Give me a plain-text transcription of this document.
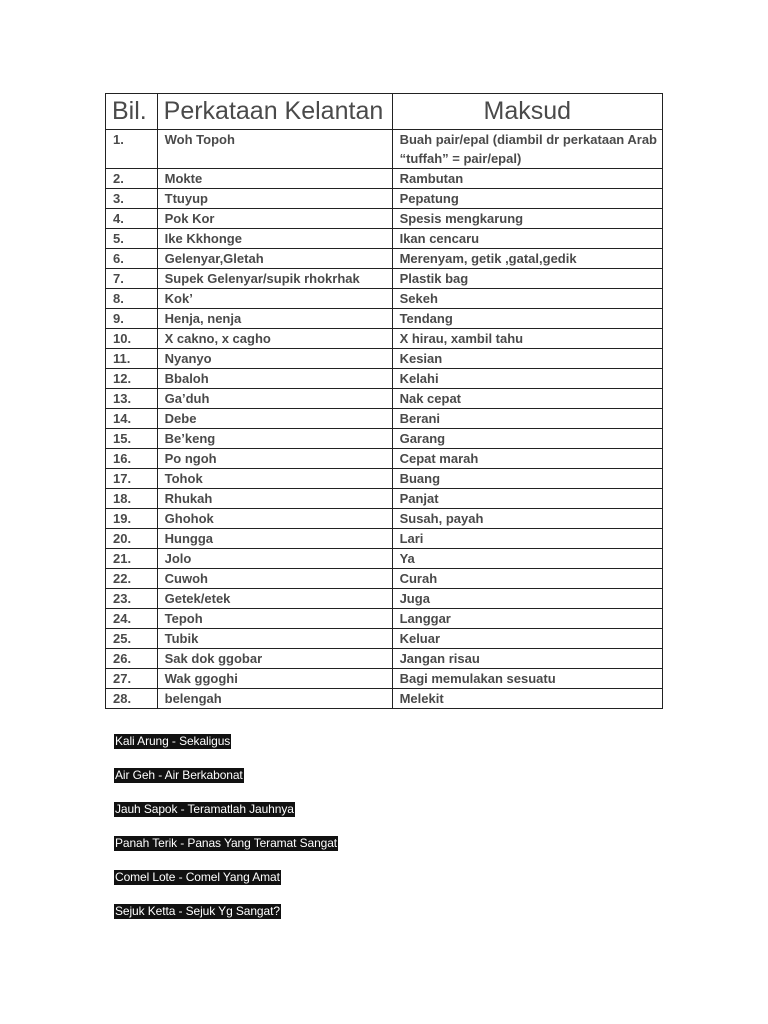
Bil.	Perkataan Kelantan	Maksud
1.	Woh Topoh	Buah pair/epal (diambil dr perkataan Arab “tuffah” = pair/epal)
2.	Mokte	Rambutan
3.	Ttuyup	Pepatung
4.	Pok Kor	Spesis mengkarung
5.	Ike Kkhonge	Ikan cencaru
6.	Gelenyar,Gletah	Merenyam, getik ,gatal,gedik
7.	Supek Gelenyar/supik rhokrhak	Plastik bag
8.	Kok’	Sekeh
9.	Henja, nenja	Tendang
10.	X cakno, x cagho	X hirau, xambil tahu
11.	Nyanyo	Kesian
12.	Bbaloh	Kelahi
13.	Ga’duh	Nak cepat
14.	Debe	Berani
15.	Be’keng	Garang
16.	Po ngoh	Cepat marah
17.	Tohok	Buang
18.	Rhukah	Panjat
19.	Ghohok	Susah, payah
20.	Hungga	Lari
21.	Jolo	Ya
22.	Cuwoh	Curah
23.	Getek/etek	Juga
24.	Tepoh	Langgar
25.	Tubik	Keluar
26.	Sak dok ggobar	Jangan risau
27.	Wak ggoghi	Bagi memulakan sesuatu
28.	belengah	Melekit
Kali Arung - Sekaligus
Air Geh - Air Berkabonat
Jauh Sapok - Teramatlah Jauhnya
Panah Terik - Panas Yang Teramat Sangat
Comel Lote - Comel Yang Amat
Sejuk Ketta - Sejuk Yg Sangat?
